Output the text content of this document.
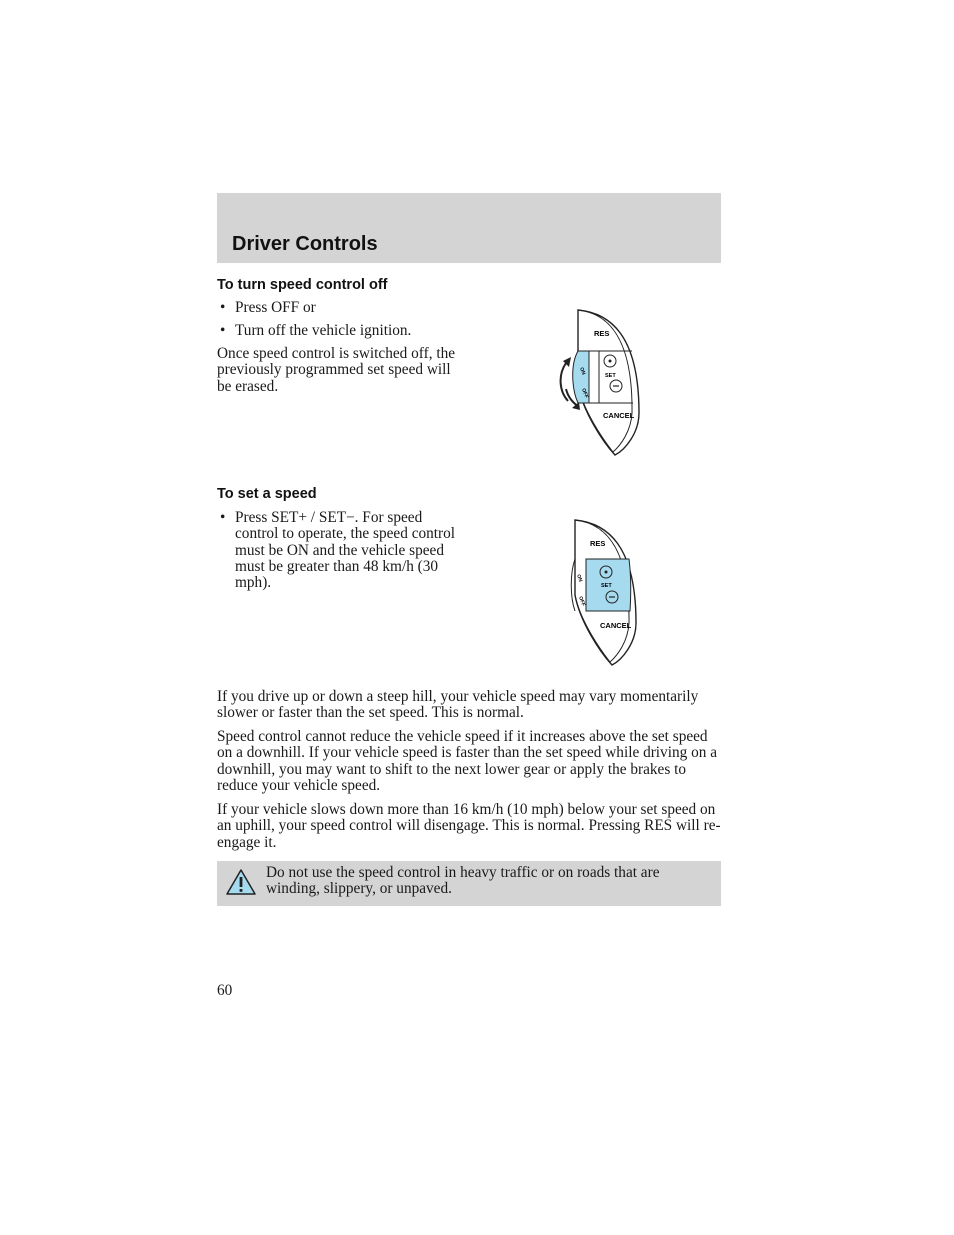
Driver Controls
To turn speed control off
• Press OFF or
• Turn off the vehicle ignition.

Once speed control is switched off, the previously programmed set speed will be erased.

ON
OFF
RES
SET
CANCEL
To set a speed
• Press SET+ / SET−. For speed control to operate, the speed control must be ON and the vehicle speed must be greater than 48 km/h (30 mph).	ON
OFF
RES
SET
CANCEL

If you drive up or down a steep hill, your vehicle speed may vary momentarily slower or faster than the set speed. This is normal.

Speed control cannot reduce the vehicle speed if it increases above the set speed on a downhill. If your vehicle speed is faster than the set speed while driving on a downhill, you may want to shift to the next lower gear or apply the brakes to reduce your vehicle speed.

If your vehicle slows down more than 16 km/h (10 mph) below your set speed on an uphill, your speed control will disengage. This is normal. Pressing RES will re-engage it.

Do not use the speed control in heavy traffic or on roads that are winding, slippery, or unpaved.

60
